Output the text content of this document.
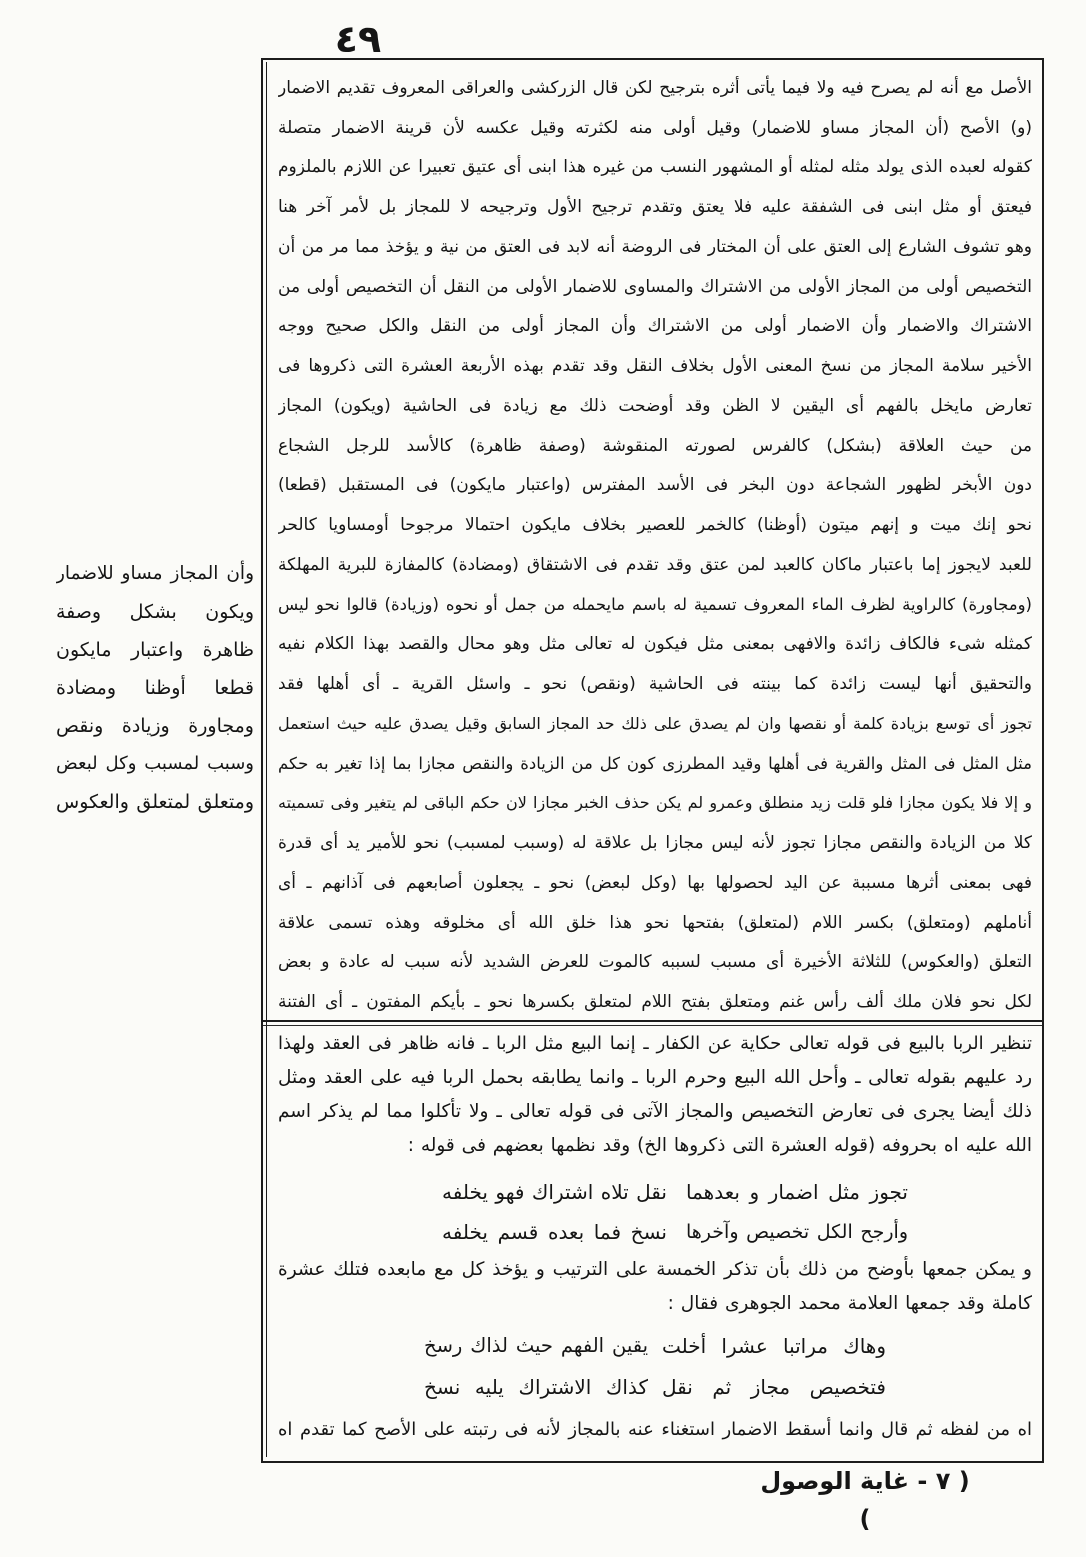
٤٩
الأصل مع أنه لم يصرح فيه ولا فيما يأتى أثره بترجيح لكن قال الزركشى والعراقى المعروف تقديم الاضمار
(و) الأصح (أن المجاز مساو للاضمار) وقيل أولى منه لكثرته وقيل عكسه لأن قرينة الاضمار متصلة
كقوله لعبده الذى يولد مثله لمثله أو المشهور النسب من غيره هذا ابنى أى عتيق تعبيرا عن اللازم بالملزوم
فيعتق أو مثل ابنى فى الشفقة عليه فلا يعتق وتقدم ترجيح الأول وترجيحه لا للمجاز بل لأمر آخر هنا
وهو تشوف الشارع إلى العتق على أن المختار فى الروضة أنه لابد فى العتق من نية و يؤخذ مما مر من أن
التخصيص أولى من المجاز الأولى من الاشتراك والمساوى للاضمار الأولى من النقل أن التخصيص أولى من
الاشتراك والاضمار وأن الاضمار أولى من الاشتراك وأن المجاز أولى من النقل والكل صحيح ووجه
الأخير سلامة المجاز من نسخ المعنى الأول بخلاف النقل وقد تقدم بهذه الأربعة العشرة التى ذكروها فى
تعارض مايخل بالفهم أى اليقين لا الظن وقد أوضحت ذلك مع زيادة فى الحاشية (ويكون) المجاز
من حيث العلاقة (بشكل) كالفرس لصورته المنقوشة (وصفة ظاهرة) كالأسد للرجل الشجاع
دون الأبخر لظهور الشجاعة دون البخر فى الأسد المفترس (واعتبار مايكون) فى المستقبل (قطعا)
نحو إنك ميت و إنهم ميتون (أوظنا) كالخمر للعصير بخلاف مايكون احتمالا مرجوحا أومساويا كالحر
للعبد لايجوز إما باعتبار ماكان كالعبد لمن عتق وقد تقدم فى الاشتقاق (ومضادة) كالمفازة للبرية المهلكة
(ومجاورة) كالراوية لظرف الماء المعروف تسمية له باسم مايحمله من جمل أو نحوه (وزيادة) قالوا نحو ليس
كمثله شىء فالكاف زائدة والافهى بمعنى مثل فيكون له تعالى مثل وهو محال والقصد بهذا الكلام نفيه
والتحقيق أنها ليست زائدة كما بينته فى الحاشية (ونقص) نحو ـ واسئل القرية ـ أى أهلها فقد
تجوز أى توسع بزيادة كلمة أو نقصها وان لم يصدق على ذلك حد المجاز السابق وقيل يصدق عليه حيث استعمل
مثل المثل فى المثل والقرية فى أهلها وقيد المطرزى كون كل من الزيادة والنقص مجازا بما إذا تغير به حكم
و إلا فلا يكون مجازا فلو قلت زيد منطلق وعمرو لم يكن حذف الخبر مجازا لان حكم الباقى لم يتغير وفى تسميته
كلا من الزيادة والنقص مجازا تجوز لأنه ليس مجازا بل علاقة له (وسبب لمسبب) نحو للأمير يد أى قدرة
فهى بمعنى أثرها مسببة عن اليد لحصولها بها (وكل لبعض) نحو ـ يجعلون أصابعهم فى آذانهم ـ أى
أناملهم (ومتعلق) بكسر اللام (لمتعلق) بفتحها نحو هذا خلق الله أى مخلوقه وهذه تسمى علاقة
التعلق (والعكوس) للثلاثة الأخيرة أى مسبب لسببه كالموت للعرض الشديد لأنه سبب له عادة و بعض
لكل نحو فلان ملك ألف رأس غنم ومتعلق بفتح اللام لمتعلق بكسرها نحو ـ بأيكم المفتون ـ أى الفتنة
وأن المجاز مساو للاضمار
ويكون بشكل وصفة
ظاهرة واعتبار مايكون
قطعا أوظنا ومضادة
ومجاورة وزيادة ونقص
وسبب لمسبب وكل لبعض
ومتعلق لمتعلق والعكوس
تنظير الربا بالبيع فى قوله تعالى حكاية عن الكفار ـ إنما البيع مثل الربا ـ فانه ظاهر فى العقد ولهذا
رد عليهم بقوله تعالى ـ وأحل الله البيع وحرم الربا ـ وانما يطابقه بحمل الربا فيه على العقد ومثل
ذلك أيضا يجرى فى تعارض التخصيص والمجاز الآتى فى قوله تعالى ـ ولا تأكلوا مما لم يذكر اسم
الله عليه اه بحروفه (قوله العشرة التى ذكروها الخ) وقد نظمها بعضهم فى قوله :
تجوز مثل اضمار و بعدهما
نقل تلاه اشتراك فهو يخلفه
وأرجح الكل تخصيص وآخرها
نسخ فما بعده قسم يخلفه
و يمكن جمعها بأوضح من ذلك بأن تذكر الخمسة على الترتيب و يؤخذ كل مع مابعده فتلك عشرة
كاملة وقد جمعها العلامة محمد الجوهرى فقال :
وهاك مراتبا عشرا أخلت
يقين الفهم حيث لذاك رسخ
فتخصيص مجاز ثم نقل
كذاك الاشتراك يليه نسخ
اه من لفظه ثم قال وانما أسقط الاضمار استغناء عنه بالمجاز لأنه فى رتبته على الأصح كما تقدم اه
( ٧ - غاية الوصول )
